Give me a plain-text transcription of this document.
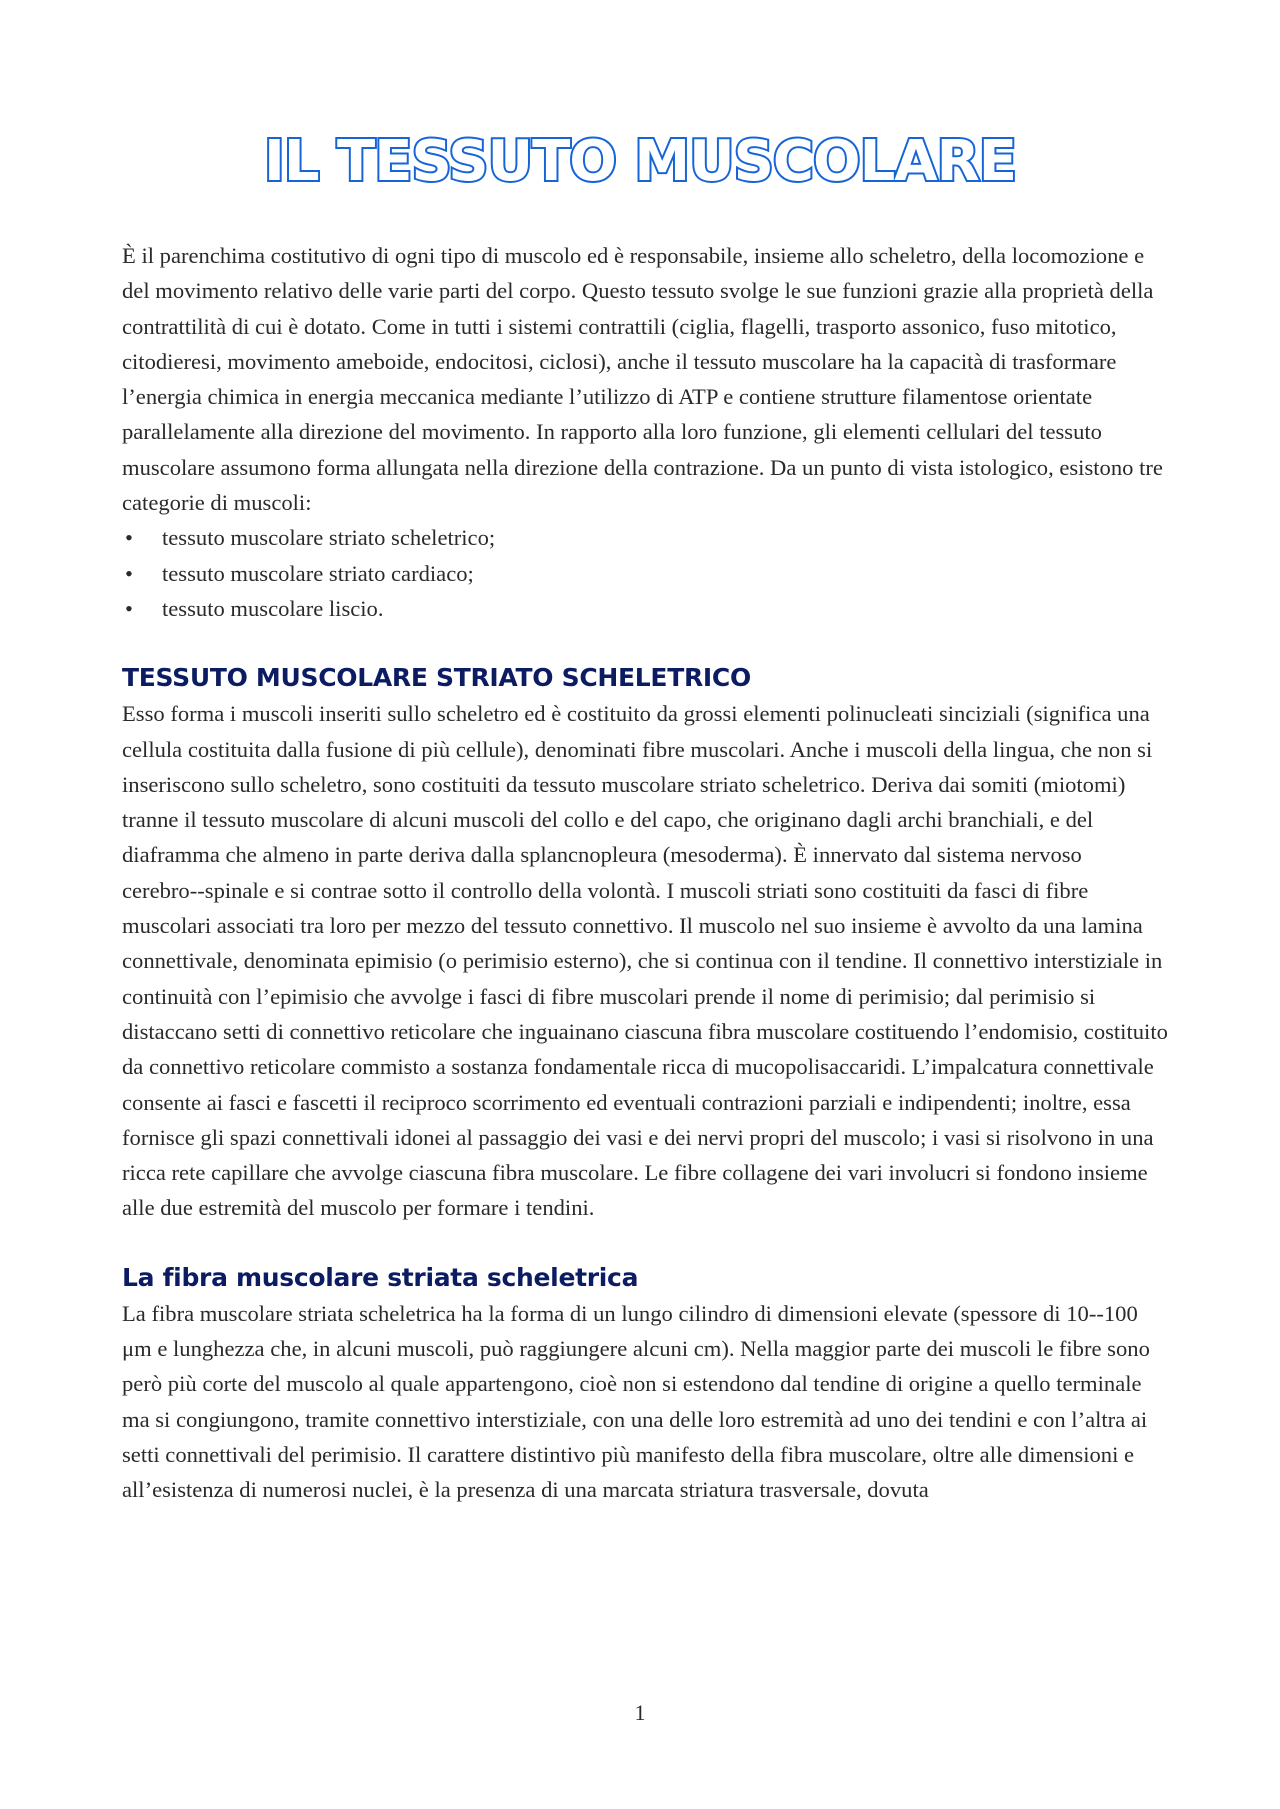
IL TESSUTO MUSCOLARE

È il parenchima costitutivo di ogni tipo di muscolo ed è responsabile, insieme allo scheletro, della locomozione e del movimento relativo delle varie parti del corpo. Questo tessuto svolge le sue funzioni grazie alla proprietà della contrattilità di cui è dotato. Come in tutti i sistemi contrattili (ciglia, flagelli, trasporto assonico, fuso mitotico, citodieresi, movimento ameboide, endocitosi, ciclosi), anche il tessuto muscolare ha la capacità di trasformare l’energia chimica in energia meccanica mediante l’utilizzo di ATP e contiene strutture filamentose orientate parallelamente alla direzione del movimento. In rapporto alla loro funzione, gli elementi cellulari del tessuto muscolare assumono forma allungata nella direzione della contrazione. Da un punto di vista istologico, esistono tre categorie di muscoli:

• tessuto muscolare striato scheletrico;
• tessuto muscolare striato cardiaco;
• tessuto muscolare liscio.
TESSUTO MUSCOLARE STRIATO SCHELETRICO

Esso forma i muscoli inseriti sullo scheletro ed è costituito da grossi elementi polinucleati sinciziali (significa una cellula costituita dalla fusione di più cellule), denominati fibre muscolari. Anche i muscoli della lingua, che non si inseriscono sullo scheletro, sono costituiti da tessuto muscolare striato scheletrico. Deriva dai somiti (miotomi) tranne il tessuto muscolare di alcuni muscoli del collo e del capo, che originano dagli archi branchiali, e del diaframma che almeno in parte deriva dalla splancnopleura (mesoderma). È innervato dal sistema nervoso cerebro-‐spinale e si contrae sotto il controllo della volontà. I muscoli striati sono costituiti da fasci di fibre muscolari associati tra loro per mezzo del tessuto connettivo. Il muscolo nel suo insieme è avvolto da una lamina connettivale, denominata epimisio (o perimisio esterno), che si continua con il tendine. Il connettivo interstiziale in continuità con l’epimisio che avvolge i fasci di fibre muscolari prende il nome di perimisio; dal perimisio si distaccano setti di connettivo reticolare che inguainano ciascuna fibra muscolare costituendo l’endomisio, costituito da connettivo reticolare commisto a sostanza fondamentale ricca di mucopolisaccaridi. L’impalcatura connettivale consente ai fasci e fascetti il reciproco scorrimento ed eventuali contrazioni parziali e indipendenti; inoltre, essa fornisce gli spazi connettivali idonei al passaggio dei vasi e dei nervi propri del muscolo; i vasi si risolvono in una ricca rete capillare che avvolge ciascuna fibra muscolare. Le fibre collagene dei vari involucri si fondono insieme alle due estremità del muscolo per formare i tendini.

La fibra muscolare striata scheletrica

La fibra muscolare striata scheletrica ha la forma di un lungo cilindro di dimensioni elevate (spessore di 10-‐100 μm e lunghezza che, in alcuni muscoli, può raggiungere alcuni cm). Nella maggior parte dei muscoli le fibre sono però più corte del muscolo al quale appartengono, cioè non si estendono dal tendine di origine a quello terminale ma si congiungono, tramite connettivo interstiziale, con una delle loro estremità ad uno dei tendini e con l’altra ai setti connettivali del perimisio. Il carattere distintivo più manifesto della fibra muscolare, oltre alle dimensioni e all’esistenza di numerosi nuclei, è la presenza di una marcata striatura trasversale, dovuta

1
